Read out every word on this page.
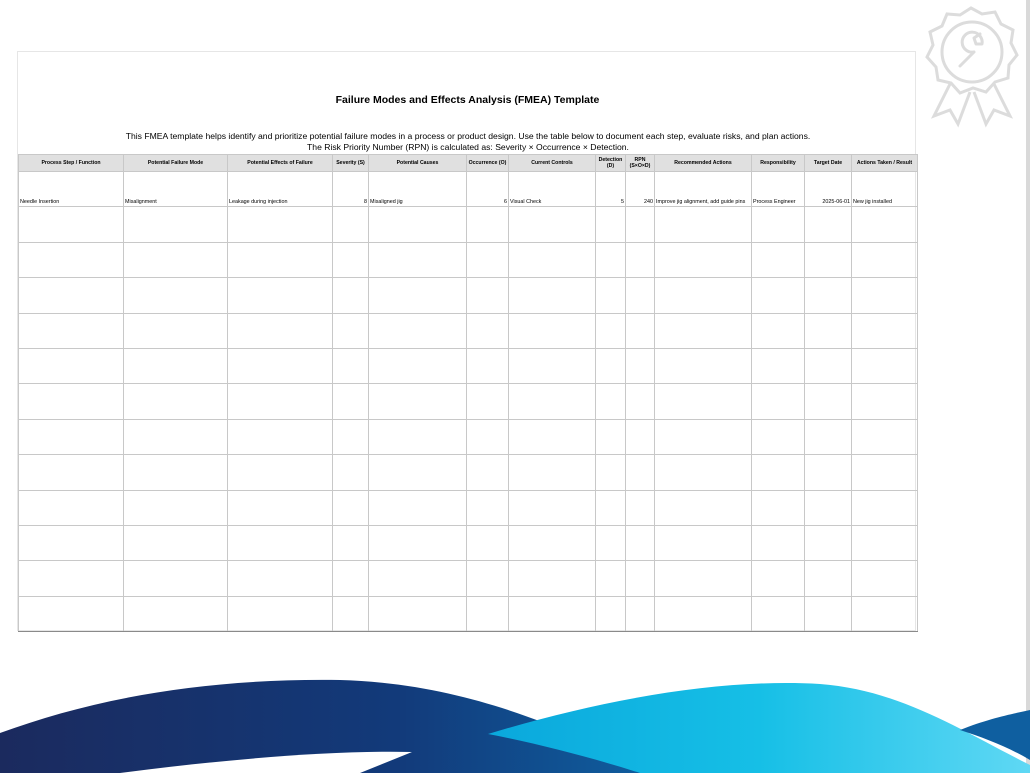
Failure Modes and Effects Analysis (FMEA) Template
This FMEA template helps identify and prioritize potential failure modes in a process or product design. Use the table below to document each step, evaluate risks, and plan actions. The Risk Priority Number (RPN) is calculated as: Severity × Occurrence × Detection.
Process Step / Function	Potential Failure Mode	Potential Effects of Failure	Severity (S)	Potential Causes	Occurrence (O)	Current Controls	Detection (D)	RPN (S×O×D)	Recommended Actions	Responsibility	Target Date	Actions Taken / Result
Needle Insertion	Misalignment	Leakage during injection	8	Misaligned jig	6	Visual Check	5	240	Improve jig alignment, add guide pins	Process Engineer	2025-06-01	New jig installed
